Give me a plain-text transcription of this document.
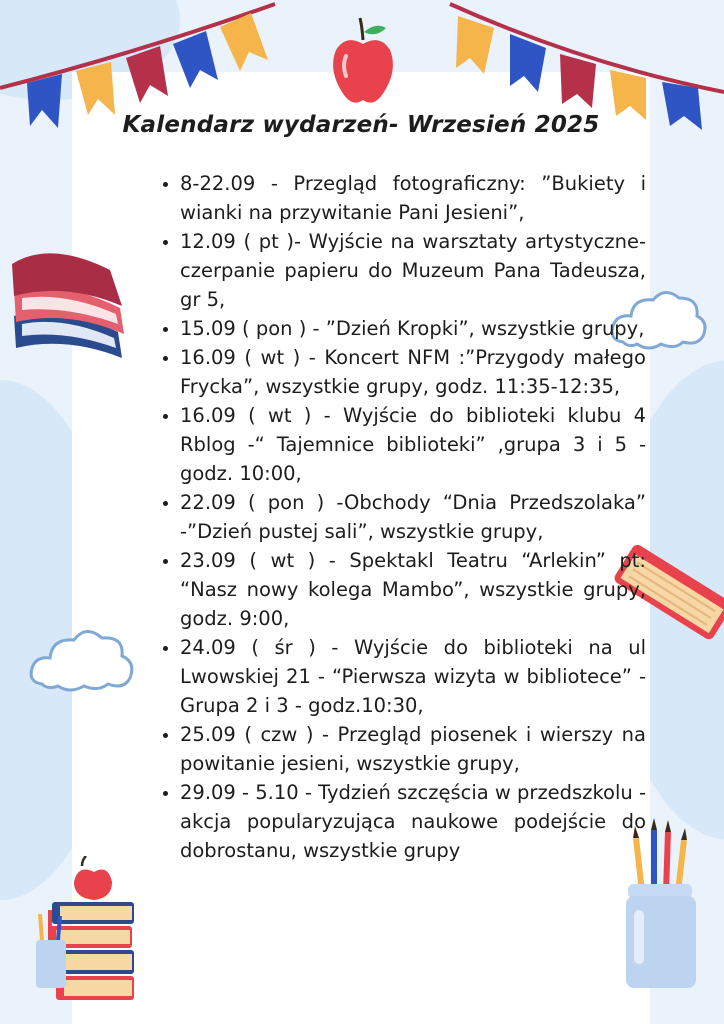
Kalendarz wydarzeń- Wrzesień 2025
• 8-22.09 - Przegląd fotograficzny: ”Bukiety i wianki na przywitanie Pani Jesieni”,
• 12.09 ( pt )- Wyjście na warsztaty artystyczne- czerpanie papieru do Muzeum Pana Tadeusza, gr 5,
• 15.09 ( pon ) - ”Dzień Kropki”, wszystkie grupy,
• 16.09 ( wt ) - Koncert NFM :”Przygody małego Frycka”, wszystkie grupy, godz. 11:35-12:35,
• 16.09 ( wt ) - Wyjście do biblioteki klubu 4 Rblog -“ Tajemnice biblioteki” ,grupa 3 i 5 - godz. 10:00,
• 22.09 ( pon ) -Obchody “Dnia Przedszolaka” -”Dzień pustej sali”, wszystkie grupy,
• 23.09 ( wt ) - Spektakl Teatru “Arlekin” pt: “Nasz nowy kolega Mambo”, wszystkie grupy, godz. 9:00,
• 24.09 ( śr ) - Wyjście do biblioteki na ul Lwowskiej 21 - “Pierwsza wizyta w bibliotece” - Grupa 2 i 3 - godz.10:30,
• 25.09 ( czw ) - Przegląd piosenek i wierszy na powitanie jesieni, wszystkie grupy,
• 29.09 - 5.10 - Tydzień szczęścia w przedszkolu - akcja popularyzująca naukowe podejście do dobrostanu, wszystkie grupy
